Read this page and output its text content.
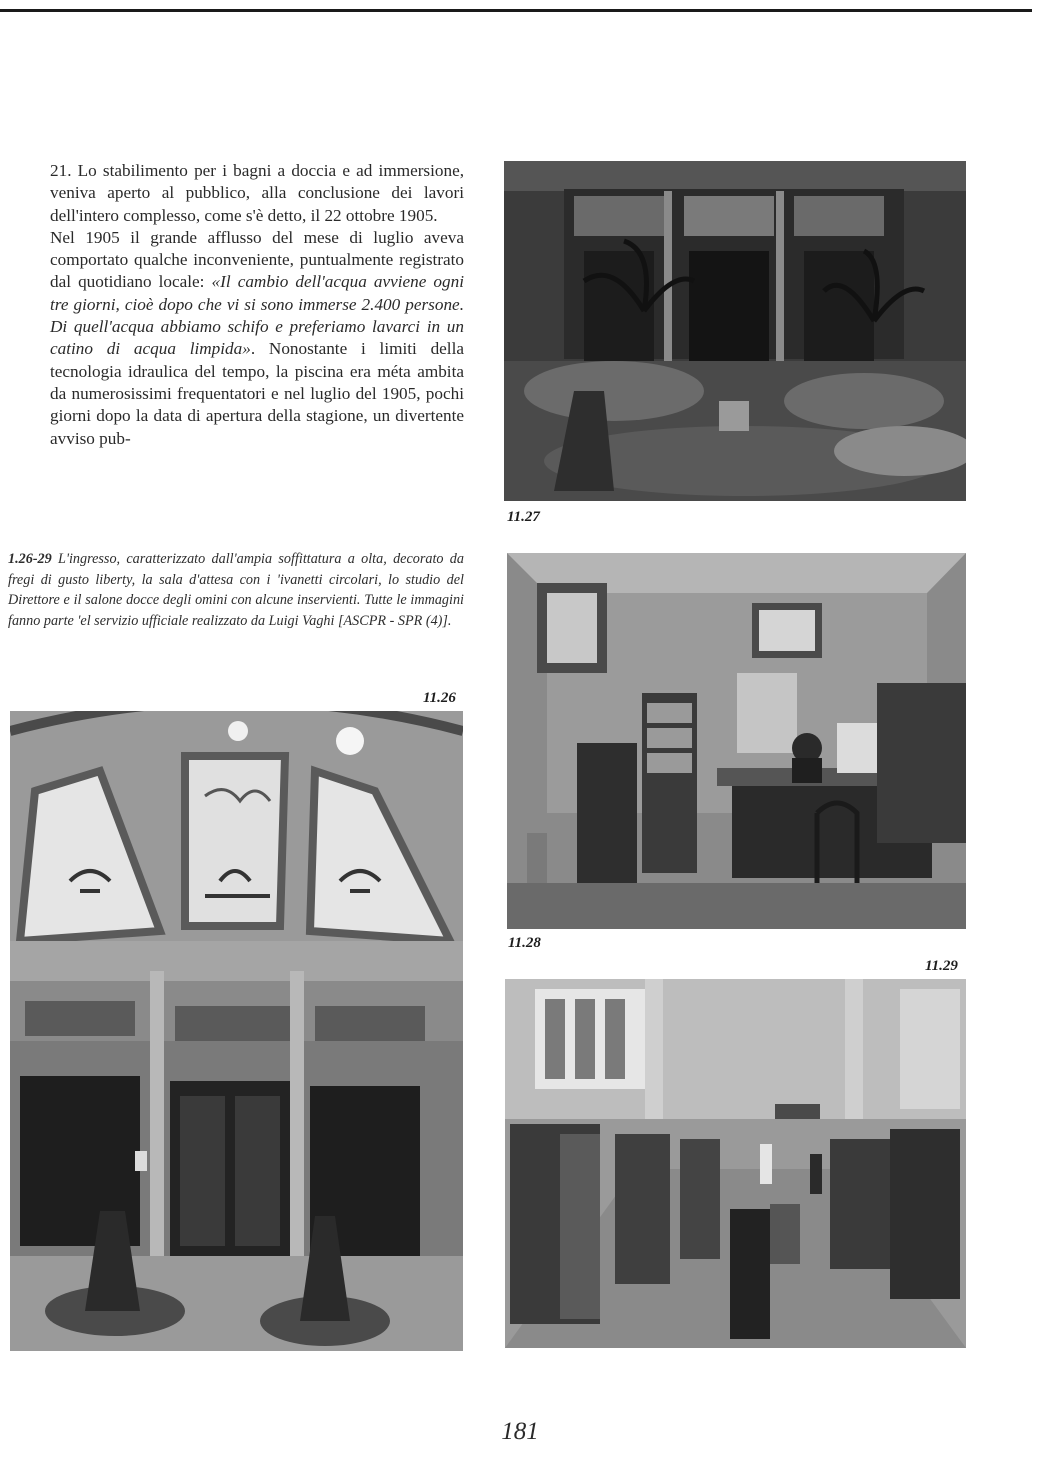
21. Lo stabilimento per i bagni a doccia e ad immersione, veniva aperto al pubblico, alla conclusione dei lavori dell'intero complesso, come s'è detto, il 22 ottobre 1905.

Nel 1905 il grande afflusso del mese di luglio aveva comportato qualche inconveniente, puntualmente registrato dal quotidiano locale: «Il cambio dell'acqua avviene ogni tre giorni, cioè dopo che vi si sono immerse 2.400 persone. Di quell'acqua abbiamo schifo e preferiamo lavarci in un catino di acqua limpida». Nonostante i limiti della tecnologia idraulica del tempo, la piscina era méta ambita da numerosissimi frequentatori e nel luglio del 1905, pochi giorni dopo la data di apertura della stagione, un divertente avviso pub-

1.26-29 L'ingresso, caratterizzato dall'ampia soffittatura a olta, decorato da fregi di gusto liberty, la sala d'attesa con i 'ivanetti circolari, lo studio del Direttore e il salone docce degli omini con alcune inservienti. Tutte le immagini fanno parte 'el servizio ufficiale realizzato da Luigi Vaghi [ASCPR - SPR (4)].

11.27
11.28
11.29
11.26
181
